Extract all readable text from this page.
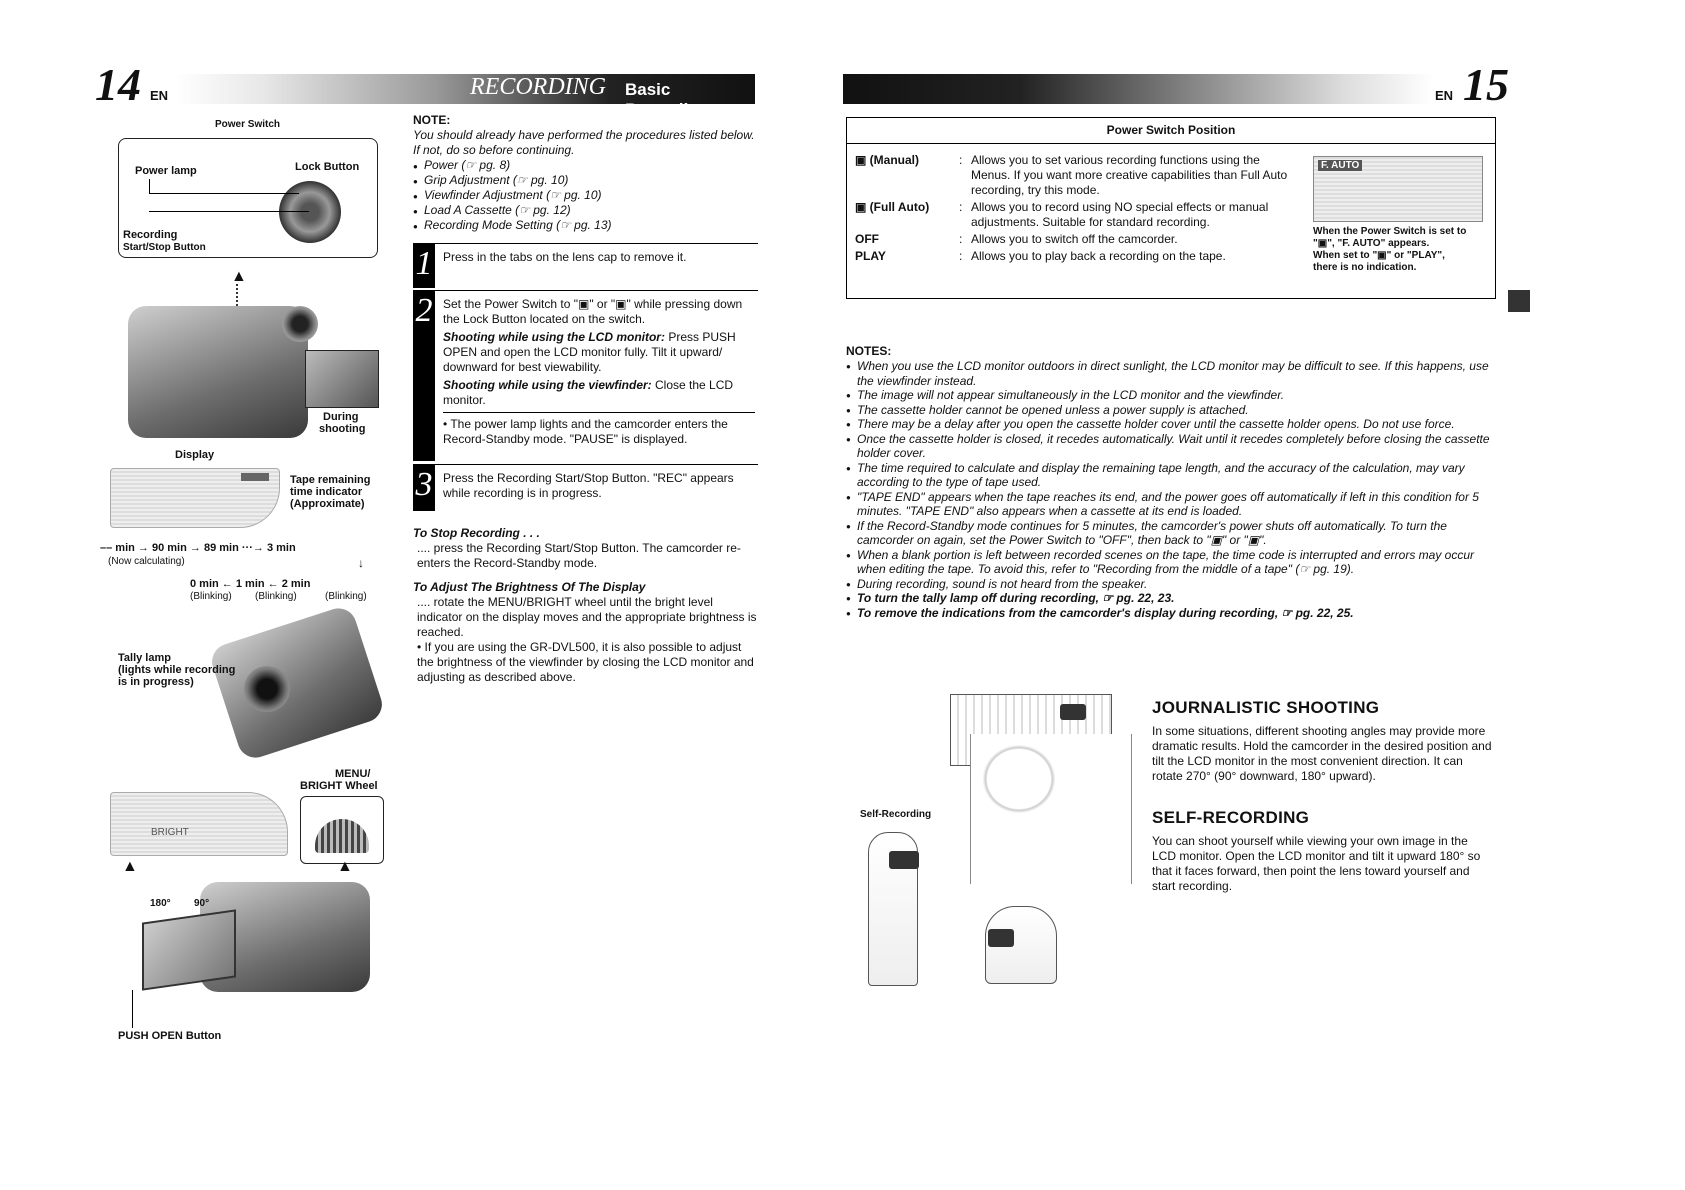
14 EN	RECORDING Basic Recording
Power Switch
Power lamp	Lock Button
Recording
Start/Stop Button
▲
During
shooting
Display
Tape remaining
time indicator
(Approximate)
–– min → 90 min → 89 min ···→ 3 min
(Now calculating)	↓
0 min ← 1 min ← 2 min
(Blinking) (Blinking)	(Blinking)
Tally lamp
(lights while recording
is in progress)
MENU/
BRIGHT Wheel
BRIGHT
▲	▲
180° 90°
PUSH OPEN Button
NOTE:
You should already have performed the procedures listed below. If not, do so before continuing.
● Power (☞ pg. 8)
● Grip Adjustment (☞ pg. 10)
● Viewfinder Adjustment (☞ pg. 10)
● Load A Cassette (☞ pg. 12)
● Recording Mode Setting (☞ pg. 13)
1 Press in the tabs on the lens cap to remove it.
2 Set the Power Switch to "▣" or "▣" while pressing down the Lock Button located on the switch.
Shooting while using the LCD monitor: Press PUSH OPEN and open the LCD monitor fully. Tilt it upward/ downward for best viewability.
Shooting while using the viewfinder: Close the LCD monitor.
• The power lamp lights and the camcorder enters the Record-Standby mode. "PAUSE" is displayed.
3 Press the Recording Start/Stop Button. "REC" appears while recording is in progress.
To Stop Recording . . .
.... press the Recording Start/Stop Button. The camcorder re-enters the Record-Standby mode.
To Adjust The Brightness Of The Display
.... rotate the MENU/BRIGHT wheel until the bright level indicator on the display moves and the appropriate brightness is reached.
• If you are using the GR-DVL500, it is also possible to adjust the brightness of the viewfinder by closing the LCD monitor and adjusting as described above.
EN 15
Power Switch Position
▣ (Manual)	:	Allows you to set various recording functions using the Menus. If you want more creative capabilities than Full Auto recording, try this mode.
▣ (Full Auto)	:	Allows you to record using NO special effects or manual adjustments. Suitable for standard recording.
OFF	:	Allows you to switch off the camcorder.
PLAY	:	Allows you to play back a recording on the tape.
F. AUTO
When the Power Switch is set to
"▣", "F. AUTO" appears.
When set to "▣" or "PLAY",
there is no indication.
NOTES:
● When you use the LCD monitor outdoors in direct sunlight, the LCD monitor may be difficult to see. If this happens, use the viewfinder instead.
● The image will not appear simultaneously in the LCD monitor and the viewfinder.
● The cassette holder cannot be opened unless a power supply is attached.
● There may be a delay after you open the cassette holder cover until the cassette holder opens. Do not use force.
● Once the cassette holder is closed, it recedes automatically. Wait until it recedes completely before closing the cassette holder cover.
● The time required to calculate and display the remaining tape length, and the accuracy of the calculation, may vary according to the type of tape used.
● "TAPE END" appears when the tape reaches its end, and the power goes off automatically if left in this condition for 5 minutes. "TAPE END" also appears when a cassette at its end is loaded.
● If the Record-Standby mode continues for 5 minutes, the camcorder's power shuts off automatically. To turn the camcorder on again, set the Power Switch to "OFF", then back to "▣" or "▣".
● When a blank portion is left between recorded scenes on the tape, the time code is interrupted and errors may occur when editing the tape. To avoid this, refer to "Recording from the middle of a tape" (☞ pg. 19).
● During recording, sound is not heard from the speaker.
● To turn the tally lamp off during recording, ☞ pg. 22, 23.
● To remove the indications from the camcorder's display during recording, ☞ pg. 22, 25.
Self-Recording
JOURNALISTIC SHOOTING
In some situations, different shooting angles may provide more dramatic results. Hold the camcorder in the desired position and tilt the LCD monitor in the most convenient direction. It can rotate 270° (90° downward, 180° upward).
SELF-RECORDING
You can shoot yourself while viewing your own image in the LCD monitor. Open the LCD monitor and tilt it upward 180° so that it faces forward, then point the lens toward yourself and start recording.
